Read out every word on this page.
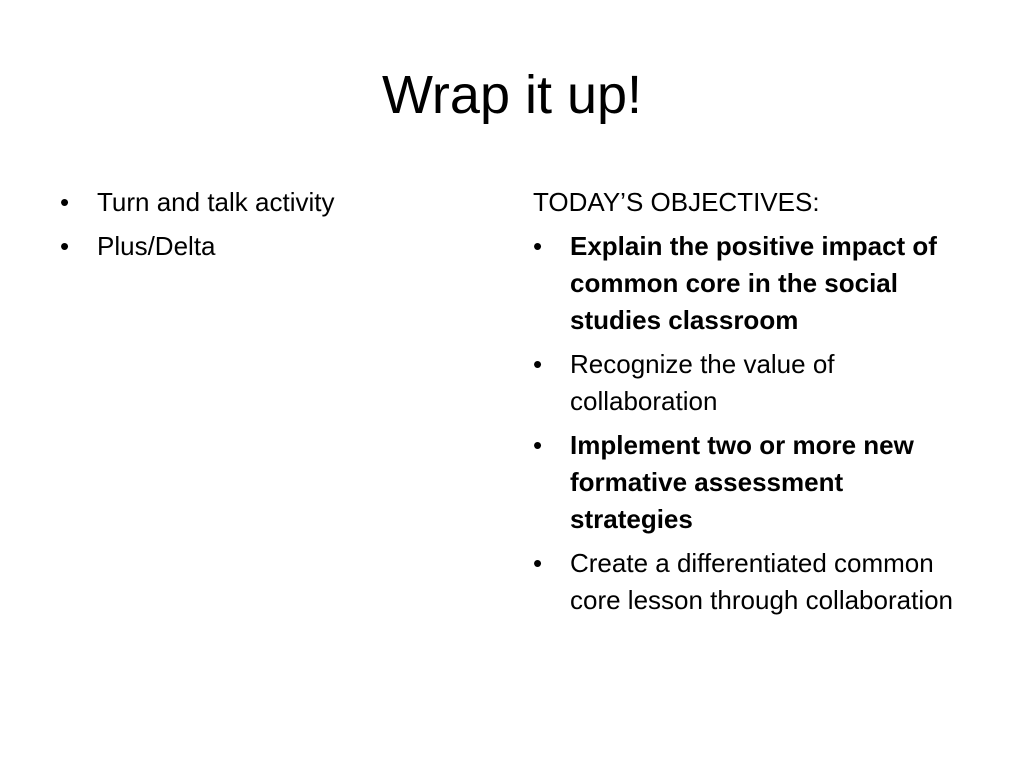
Wrap it up!
•	Turn and talk activity
•	Plus/Delta
TODAY’S OBJECTIVES:
•	Explain the positive impact of common core in the social studies classroom
•	Recognize the value of collaboration
•	Implement two or more new formative assessment strategies
•	Create a differentiated common core lesson through collaboration
